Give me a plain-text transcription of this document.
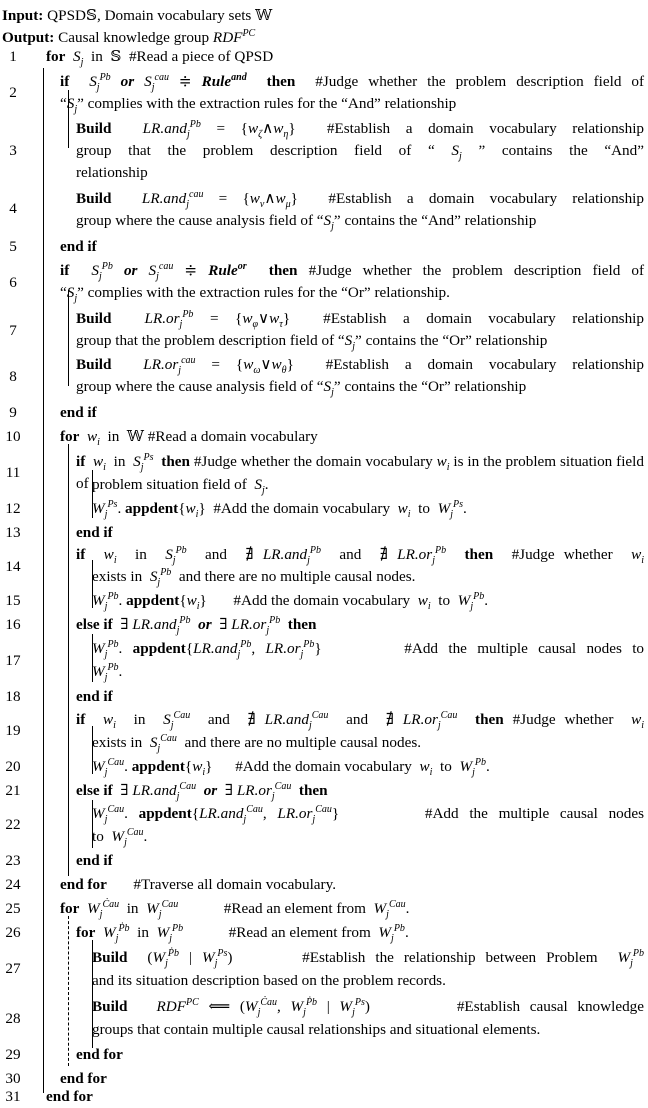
Input: QPSD𝕊, Domain vocabulary sets 𝕎
Output: Causal knowledge group $RDF^{PC}$
1
2
3
4
5
6
7
8
9
10
11
12
13
14
15
16
17
18
19
20
21
22
23
24
25
26
27
28
29
30
31
for $S_j$  in  𝕊  #Read a piece of QPSD
if $S_j^{Pb}$ or $S_j^{cau}$ ≑ Rule$^{and}$ then #Judge whether the problem description field of
“$S_j$” complies with the extraction rules for the “And” relationship
Build $LR.and_j^{Pb} = \{w_\zeta\wedge w_\eta\}$  #Establish a domain vocabulary relationship
group that the problem description field of “ $S_j$ ” contains the “And”
relationship
Build $LR.and_j^{cau} = \{w_\nu\wedge w_\mu\}$  #Establish a domain vocabulary relationship
group where the cause analysis field of “$S_j$” contains the “And” relationship
end if
if $S_j^{Pb}$ or $S_j^{cau}$ ≑ Rule$^{or}$ then #Judge whether the problem description field of
“$S_j$” complies with the extraction rules for the “Or” relationship.
Build $LR.or_j^{Pb}$ = $\{w_\varphi\vee w_\tau\}$  #Establish a domain vocabulary relationship
group that the problem description field of “$S_j$” contains the “Or” relationship
Build $LR.or_j^{cau}$ = $\{w_\omega\vee w_\theta\}$  #Establish a domain vocabulary relationship
group where the cause analysis field of “$S_j$” contains the “Or” relationship
end if
for $w_i$  in  𝕎 #Read a domain vocabulary
if $w_i$  in  $S_j^{Ps}$ then #Judge whether the domain vocabulary $w_i$ is in the problem situation field of problem situation field of  $S_j$.
$W_j^{Ps}$. $appdent\{w_i\}$  #Add the domain vocabulary $w_i$  to  $W_j^{Ps}$.
end if
if $w_i$  in  $S_j^{Pb}$  and  ∄ LR.and$_j^{Pb}$  and  ∄ $LR.or_j^{Pb}$ then #Judge whether $w_i$
exists in  $S_j^{Pb}$ and there are no multiple causal nodes.
$W_j^{Pb}$. $appdent\{w_i\}$       #Add the domain vocabulary $w_i$  to  $W_j^{Pb}$.
else if  ∃ LR.and$_j^{Pb}$ or  ∃ $LR.or_j^{Pb}$ then
$W_j^{Pb}$. appdent{LR.and$_j^{Pb}$, $LR.or_j^{Pb}$}        #Add the multiple causal nodes to
$W_j^{Pb}$.
end if
if $w_i$  in  $S_j^{Cau}$  and  ∄ LR.and$_j^{Cau}$  and  ∄ $LR.or_j^{Cau}$ then #Judge whether $w_i$
exists in  $S_j^{Cau}$ and there are no multiple causal nodes.
$W_j^{Cau}$. $appdent\{w_i\}$      #Add the domain vocabulary $w_i$  to  $W_j^{Pb}$.
else if  ∃ LR.and$_j^{Cau}$ or  ∃ $LR.or_j^{Cau}$ then
$W_j^{Cau}$. appdent{LR.and$_j^{Cau}$, $LR.or_j^{Cau}$}        #Add the multiple causal nodes
to  $W_j^{Cau}$.
end if
end for #Traverse all domain vocabulary.
for $W_j^{Ċau}$  in  $W_j^{Cau}$	#Read an element from $W_j^{Cau}$.
for $W_j^{Ṗb}$  in  $W_j^{Pb}$	#Read an element from $W_j^{Pb}$.
Build  ($W_j^{Ṗb}$ | $W_j^{Ps}$)       #Establish the relationship between Problem $W_j^{Pb}$
and its situation description based on the problem records.
Build $RDF^{PC}$ ⟸ ($W_j^{Ċau}$, $W_j^{Ṗb}$ | $W_j^{Ps}$)         #Establish causal knowledge
groups that contain multiple causal relationships and situational elements.
end for
end for
end for
